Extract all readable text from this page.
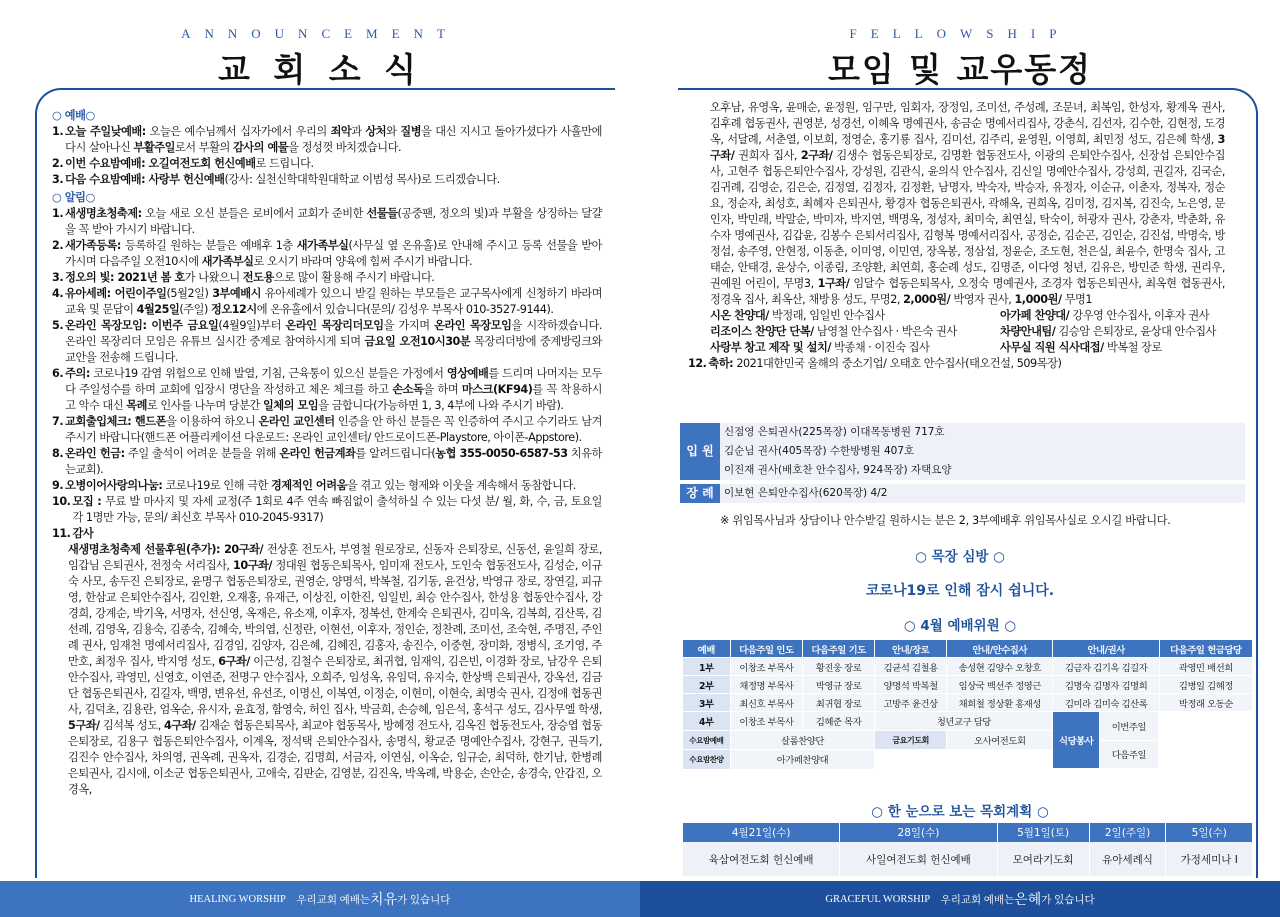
ANNOUNCEMENT
교 회 소 식
○ 예배○
1. 오늘 주일낮예배: 오늘은 예수님께서 십자가에서 우리의 죄악과 상처와 질병을 대신 지시고 돌아가셨다가 사흘만에 다시 살아나신 부활주일로서 부활의 감사의 예물을 정성껏 바치겠습니다.
2. 이번 수요밤예배: 오길여전도회 헌신예배로 드립니다.
3. 다음 수요밤예배: 사랑부 헌신예배(강사: 실천신학대학원대학교 이범성 목사)로 드리겠습니다.
○ 알림○
1. 새생명초청축제: 오늘 새로 오신 분들은 로비에서 교회가 준비한 선물들(공중팬, 정오의 빛)과 부활을 상징하는 달걀을 꼭 받아 가시기 바랍니다.
2. 새가족등록: 등록하길 원하는 분들은 예배후 1층 새가족부실(사무실 옆 온유홀)로 안내해 주시고 등록 선물을 받아 가시며 다음주일 오전10시에 새가족부실로 오시기 바라며 양육에 힘써 주시기 바랍니다.
3. 정오의 빛: 2021년 봄 호가 나왔으니 전도용으로 많이 활용해 주시기 바랍니다.
4. 유아세례: 어린이주일(5월2일) 3부예배시 유아세례가 있으니 받길 원하는 부모들은 교구목사에게 신청하기 바라며 교육 및 문답이 4월25일(주일) 정오12시에 온유홀에서 있습니다(문의/ 김성우 부목사 010-3527-9144).
5. 온라인 목장모임: 이번주 금요일(4월9일)부터 온라인 목장리더모임을 가지며 온라인 목장모임을 시작하겠습니다. 온라인 목장리더 모임은 유튜브 실시간 중계로 참여하시게 되며 금요일 오전10시30분 목장리더방에 중계방링크와 교안을 전송해 드립니다.
6. 주의: 코로나19 감염 위험으로 인해 발열, 기침, 근육통이 있으신 분들은 가정에서 영상예배를 드리며 나머지는 모두 다 주일성수를 하며 교회에 입장시 명단을 작성하고 체온 체크를 하고 손소독을 하며 마스크(KF94)를 꼭 착용하시고 악수 대신 목례로 인사를 나누며 당분간 일체의 모임을 금합니다(가능하면 1, 3, 4부에 나와 주시기 바람).
7. 교회출입체크: 핸드폰을 이용하여 하오니 온라인 교인센터 인증을 안 하신 분들은 꼭 인증하여 주시고 수기라도 남겨주시기 바랍니다(핸드폰 어플리케이션 다운로드: 온라인 교인센터/ 안드로이드폰-Playstore, 아이폰-Appstore).
8. 온라인 헌금: 주일 출석이 어려운 분들을 위해 온라인 헌금계좌를 알려드립니다(농협 355-0050-6587-53 치유하는교회).
9. 오병이어사랑의나눔: 코로나19로 인해 극한 경제적인 어려움을 겪고 있는 형제와 이웃을 계속해서 동참합니다.
10. 모집 : 무료 발 마사지 및 자세 교정(주 1회로 4주 연속 빠짐없이 출석하실 수 있는 다섯 분/ 월, 화, 수, 금, 토요일 각 1명만 가능, 문의/ 최신호 부목사 010-2045-9317)
11. 감사
새생명초청축제 선물후원(추가): 20구좌/ 전상훈 전도사, 부영철 원로장로, 신동자 은퇴장로, 신동선, 윤일희 장로, 임갑님 은퇴권사, 전정숙 서리집사, 10구좌/ 정대원 협동은퇴목사, 임미재 전도사, 도인숙 협동전도사, 김성순, 이규숙 사모, 송두진 은퇴장로, 윤명구 협동은퇴장로, 권영순, 양명석, 박복철, 김기동, 윤건상, 박영규 장로, 장연길, 피규영, 한삼교 은퇴안수집사, 김인환, 오재홍, 유재근, 이상진, 이한진, 임일빈, 최승 안수집사, 한성용 협동안수집사, 강경희, 강계순, 박기옥, 서명자, 선신영, 옥재은, 유소재, 이후자, 정복선, 한계숙 은퇴권사, 김미옥, 김복희, 김산록, 김선례, 김영옥, 김용숙, 김종숙, 김혜숙, 박의엽, 신정란, 이현선, 이후자, 정인순, 정찬례, 조미선, 조숙현, 주명진, 주인례 권사, 임재천 명예서리집사, 김경임, 김양자, 김은혜, 김혜진, 김홍자, 송진수, 이중현, 장미화, 정병식, 조기영, 주만호, 최정우 집사, 박지영 성도, 6구좌/ 이근성, 김철수 은퇴장로, 최귀협, 임재익, 김은빈, 이경화 장로, 남강우 은퇴안수집사, 곽영민, 신영호, 이연준, 전명구 안수집사, 오희주, 임성옥, 유임덕, 유지숙, 한상백 은퇴권사, 강옥선, 김금단 협동은퇴권사, 김길자, 백명, 변유선, 유선조, 이명신, 이복연, 이정순, 이현미, 이현숙, 최명숙 권사, 김정애 협동권사, 김덕초, 김용란, 엄옥순, 유시자, 윤효정, 함영숙, 허인 집사, 박금희, 손승혜, 임은석, 홍석구 성도, 김사무엘 학생, 5구좌/ 김석복 성도, 4구좌/ 김재순 협동은퇴목사, 최교야 협동목사, 방혜정 전도사, 김옥진 협동전도사, 장승엽 협동은퇴장로, 김용구 협동은퇴안수집사, 이계옥, 정석택 은퇴안수집사, 송명식, 황교준 명예안수집사, 강현구, 권득기, 김진수 안수집사, 차의영, 권옥례, 권옥자, 김경순, 김명희, 서금자, 이연심, 이옥순, 임규순, 최덕하, 한기남, 한병례 은퇴권사, 김시애, 이소군 협동은퇴권사, 고애숙, 김판순, 김영분, 김진옥, 박옥례, 박용순, 손안순, 송경숙, 안갑진, 오경옥,
HEALING WORSHIP
우리교회 예배는 치유 가 있습니다
FELLOWSHIP
모임 및 교우동정
오후남, 유영옥, 윤매순, 윤정원, 임구만, 임회자, 장정임, 조미선, 주성례, 조문녀, 최복임, 한성자, 황계옥 권사, 김후례 협동권사, 권영분, 성경선, 이혜옥 명예권사, 송금순 명예서리집사, 강춘식, 김선자, 김수한, 김현정, 도경옥, 서달례, 서춘열, 이보희, 정영순, 홍기룡 집사, 김미선, 김주리, 윤영원, 이영희, 최민정 성도, 김은혜 학생, 3구좌/ 권희자 집사, 2구좌/ 김생수 협동은퇴장로, 김명환 협동전도사, 이광의 은퇴안수집사, 신장섭 은퇴안수집사, 고현주 협동은퇴안수집사, 강성원, 김관식, 윤의식 안수집사, 김신일 명예안수집사, 강성희, 권길자, 김국순, 김귀례, 김영순, 김은순, 김정열, 김정자, 김정환, 남명자, 박숙자, 박승자, 유정자, 이순규, 이춘자, 정복자, 정순요, 정순자, 최성호, 최혜자 은퇴권사, 황경자 협동은퇴권사, 곽해옥, 권희옥, 김미정, 김지복, 김진숙, 노은영, 문인자, 박민래, 박말순, 박미자, 박지연, 백명옥, 정성자, 최미숙, 최연실, 탁숙이, 허광자 권사, 강춘자, 박춘화, 유수자 명예권사, 김갑윤, 김봉수 은퇴서리집사, 김형복 명예서리집사, 공정순, 김순곤, 김인순, 김진섭, 박명숙, 방정섭, 송주영, 안현정, 이동춘, 이미영, 이민연, 장옥봉, 정삼섭, 정윤순, 조도현, 천은실, 최윤수, 한명숙 집사, 고태순, 안태경, 윤상수, 이종림, 조양환, 최연희, 홍순례 성도, 김명준, 이다영 청년, 김유은, 방민준 학생, 권리우, 권예원 어린이, 무명3, 1구좌/ 임달수 협동은퇴목사, 오정숙 명예권사, 조경자 협동은퇴권사, 최옥현 협동권사, 정경옥 집사, 최옥산, 채방용 성도, 무명2, 2,000원/ 박영자 권사, 1,000원/ 무명1
시온 찬양대/ 박정래, 임일빈 안수집사
리조이스 찬양단 단복/ 남영철 안수집사 · 박은숙 권사
사랑부 창고 제작 및 설치/ 박종채 · 이진숙 집사
아가페 찬양대/ 강우영 안수집사, 이후자 권사
차량안내팀/ 김승암 은퇴장로, 윤상대 안수집사
사무실 직원 식사대접/ 박복철 장로
12. 축하: 2021대한민국 올해의 중소기업/ 오태호 안수집사(태오건설, 509목장)
입 원	신점영 은퇴권사(225목장) 이대목동병원 717호
	김순님 권사(405목장) 수한방병원 407호
	이진재 권사(배호찬 안수집사, 924목장) 자택요양

장 례	이보현 은퇴안수집사(620목장) 4/2
※ 위임목사님과 상담이나 안수받길 원하시는 분은 2, 3부예배후 위임목사실로 오시길 바랍니다.
○ 목장 심방 ○
코로나19로 인해 잠시 쉽니다.
○ 4월 예배위원 ○
예배	다음주일 인도	다음주일 기도	안내/장로	안내/안수집사	안내/권사	다음주일 헌금담당
1부	이창조 부목사	황진웅 장로	김균석 김철용	송성현 김양수 오창호	김금자 김기옥 김길자	곽영민 배선희
2부	채정명 부목사	박영규 장로	양명석 박복철	임상국 백선주 정영근	김명숙 김명자 김명희	김병일 김혜정
3부	최신호 부목사	최귀협 장로	고방주 윤건상	채희철 정상환 홍재성	김미라 김미숙 김산록	박정래 오동순
4부	이창조 부목사	김혜준 목자	청년교구 담당	
식당봉사	이번주일
다음주일

수요밤예배	살롬찬양단	금요기도회	오사여전도회
수요밤찬양	아가페찬양대	
○ 한 눈으로 보는 목회계획 ○
4월21일(수)	28일(수)	5월1일(토)	2일(주일)	5일(수)
육삼여전도회 헌신예배	사일여전도회 헌신예배	모여라기도회	유아세례식	가정세미나 Ⅰ
GRACEFUL WORSHIP
우리교회 예배는 은혜 가 있습니다
